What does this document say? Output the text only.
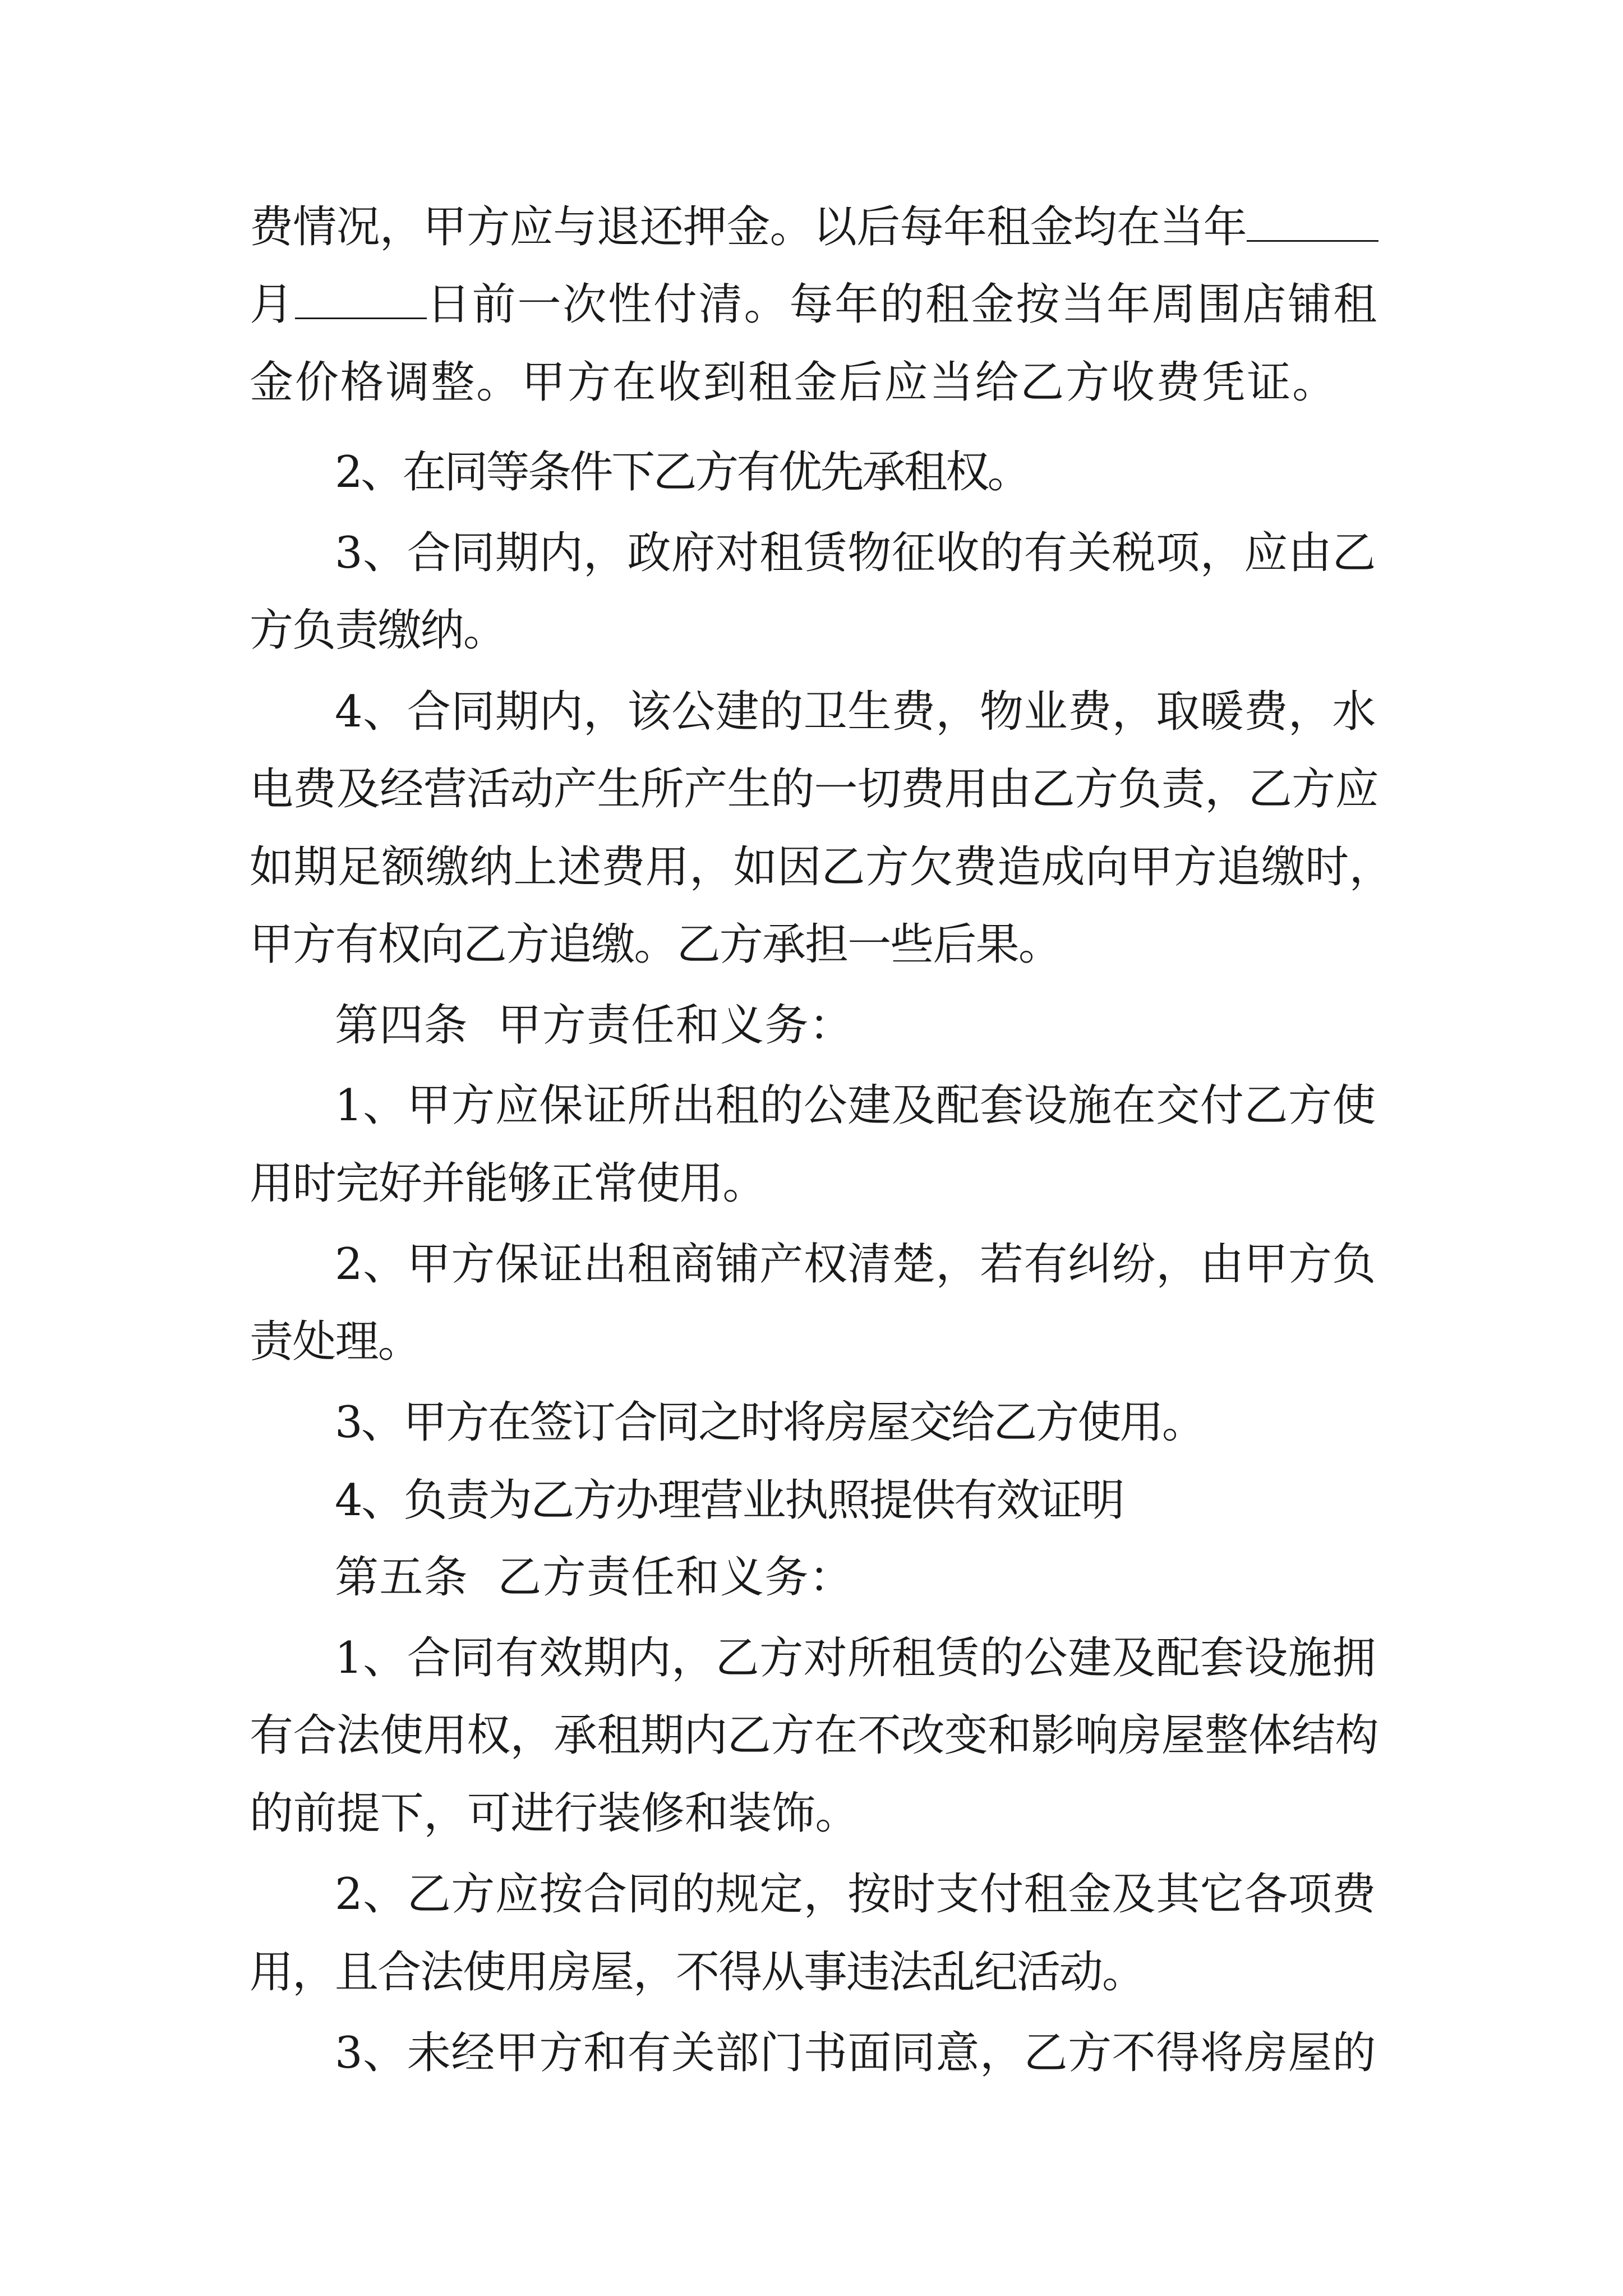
费情况，甲方应与退还押金。以后每年租金均在当年
月	日前一次性付清。每年的租金按当年周围店铺租
金价格调整。甲方在收到租金后应当给乙方收费凭证。
2、在同等条件下乙方有优先承租权。
3、合同期内，政府对租赁物征收的有关税项，应由乙
方负责缴纳。
4、合同期内，该公建的卫生费，物业费，取暖费，水
电费及经营活动产生所产生的一切费用由乙方负责，乙方应
如期足额缴纳上述费用，如因乙方欠费造成向甲方追缴时，
甲方有权向乙方追缴。乙方承担一些后果。
第四条  甲方责任和义务：
1、甲方应保证所出租的公建及配套设施在交付乙方使
用时完好并能够正常使用。
2、甲方保证出租商铺产权清楚，若有纠纷，由甲方负
责处理。
3、甲方在签订合同之时将房屋交给乙方使用。
4、负责为乙方办理营业执照提供有效证明
第五条  乙方责任和义务：
1、合同有效期内，乙方对所租赁的公建及配套设施拥
有合法使用权，承租期内乙方在不改变和影响房屋整体结构
的前提下，可进行装修和装饰。
2、乙方应按合同的规定，按时支付租金及其它各项费
用，且合法使用房屋，不得从事违法乱纪活动。
3、未经甲方和有关部门书面同意，乙方不得将房屋的
